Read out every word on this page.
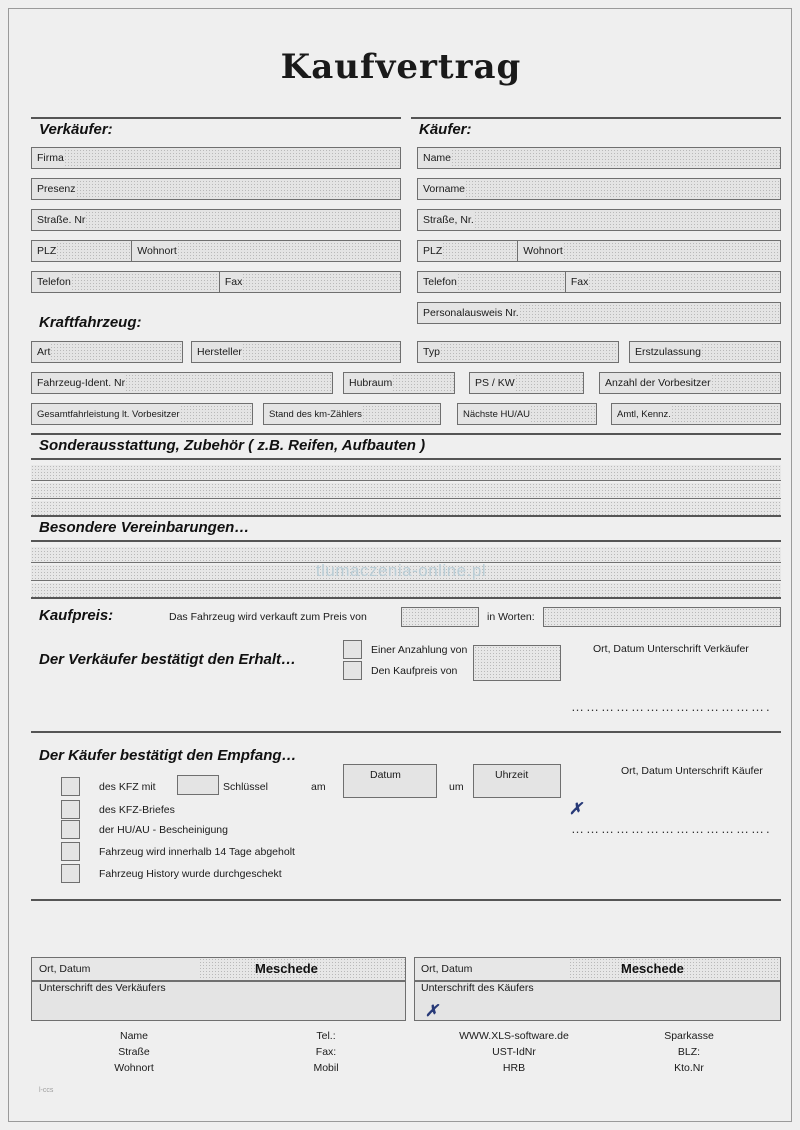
Kaufvertrag
Verkäufer:	Käufer:
Firma
Presenz
Straße. Nr
PLZ	Wohnort
Telefon	Fax
Name
Vorname
Straße, Nr.
PLZ	Wohnort
Telefon	Fax
Personalausweis Nr.
Kraftfahrzeug:
Art	Hersteller	Typ	Erstzulassung
Fahrzeug-Ident. Nr	Hubraum	PS / KW	Anzahl der Vorbesitzer
Gesamtfahrleistung lt. Vorbesitzer	Stand des km-Zählers	Nächste HU/AU	Amtl, Kennz.
Sonderausstattung, Zubehör ( z.B. Reifen, Aufbauten )
Besondere Vereinbarungen…
tlumaczenia-online.pl
Kaufpreis:	Das Fahrzeug wird verkauft zum Preis von	in Worten:
Der Verkäufer bestätigt den Erhalt…
Einer Anzahlung von
Den Kaufpreis von
Ort, Datum Unterschrift Verkäufer
………………………………….
Der Käufer bestätigt den Empfang…
des KFZ mit	Schlüssel	am
Datum
um
Uhrzeit
des KFZ-Briefes
der HU/AU - Bescheinigung
Fahrzeug wird innerhalb 14 Tage abgeholt
Fahrzeug History wurde durchgeschekt
Ort, Datum Unterschrift Käufer
✗
………………………………….
Ort, Datum	Meschede	Ort, Datum	Meschede
Unterschrift des Verkäufers	Unterschrift des Käufers
✗
Name
Straße
Wohnort
Tel.:
Fax:
Mobil
WWW.XLS-software.de
UST-IdNr
HRB
Sparkasse
BLZ:
Kto.Nr
l-ccs
